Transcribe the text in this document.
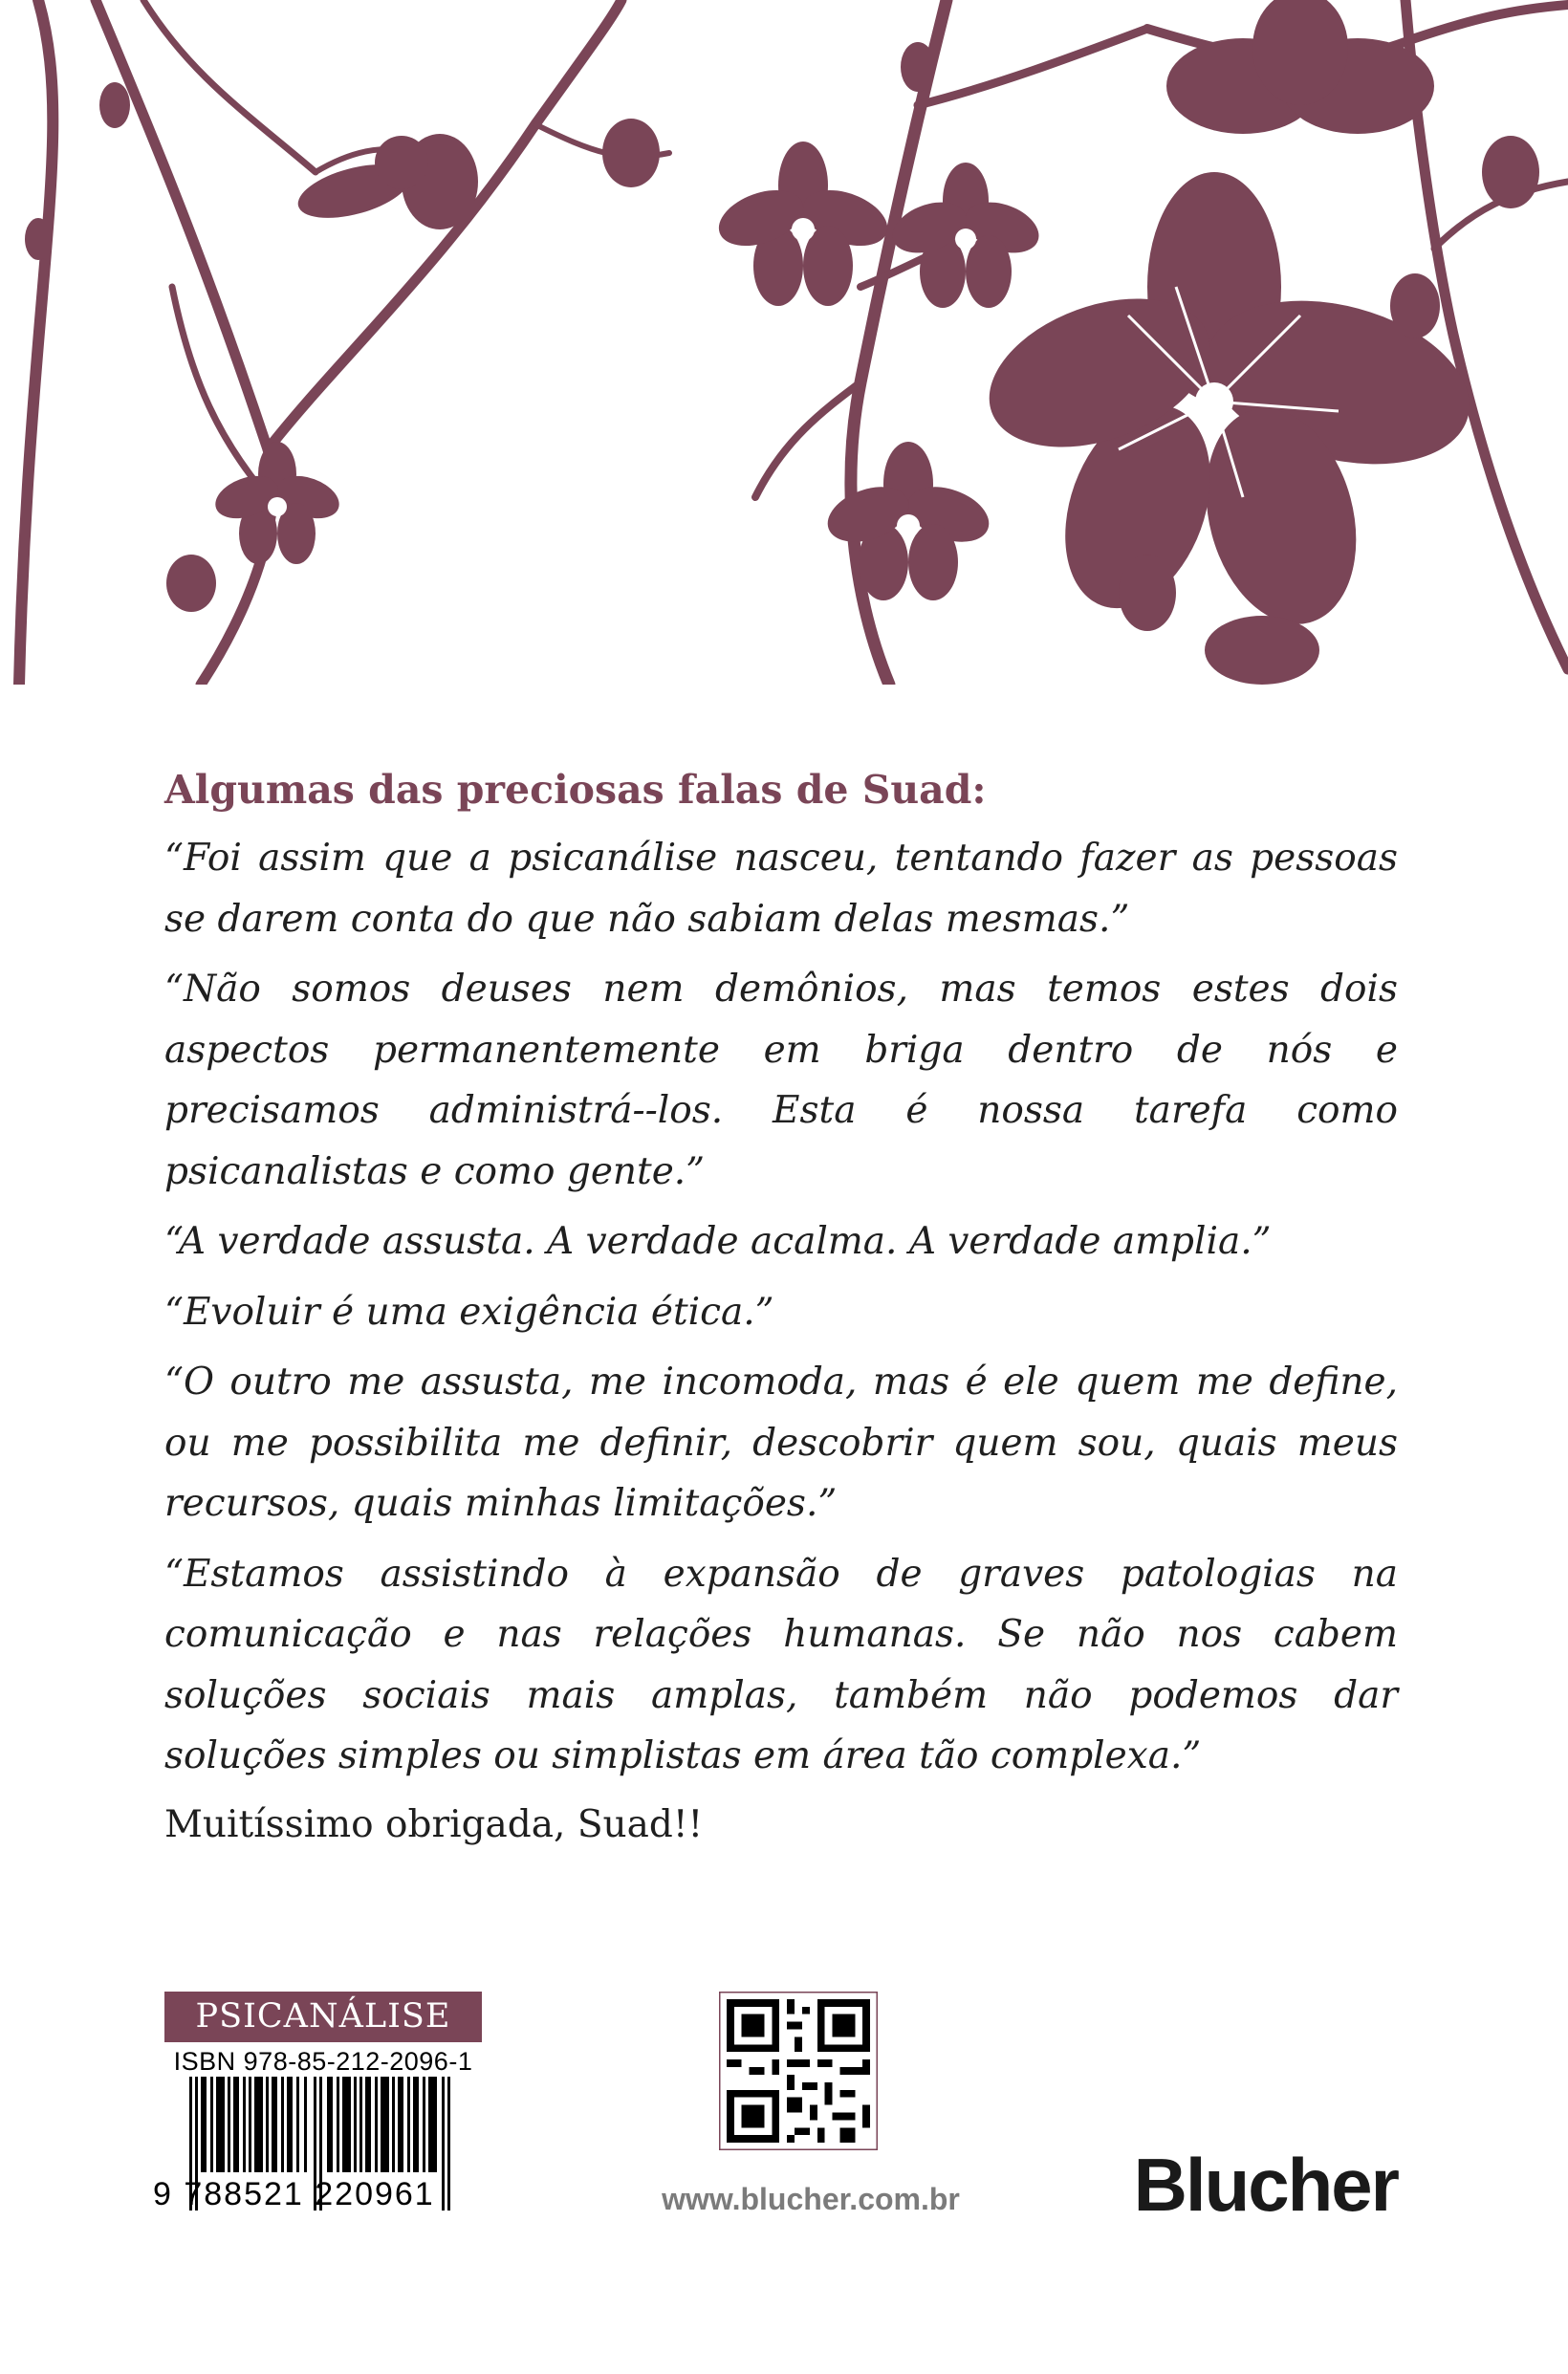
Algumas das preciosas falas de Suad:

“Foi assim que a psicanálise nasceu, tentando fazer as pessoas se darem conta do que não sabiam delas mesmas.”

“Não somos deuses nem demônios, mas temos estes dois aspectos permanentemente em briga dentro de nós e precisamos administrá--los. Esta é nossa tarefa como psicanalistas e como gente.”

“A verdade assusta. A verdade acalma. A verdade amplia.”

“Evoluir é uma exigência ética.”

“O outro me assusta, me incomoda, mas é ele quem me define, ou me possibilita me definir, descobrir quem sou, quais meus recursos, quais minhas limitações.”

“Estamos assistindo à expansão de graves patologias na comunicação e nas relações humanas. Se não nos cabem soluções sociais mais amplas, também não podemos dar soluções simples ou simplistas em área tão complexa.”

Muitíssimo obrigada, Suad!!
PSICANÁLISE
ISBN 978-85-212-2096-1
9 788521 220961	www.blucher.com.br	Blucher
